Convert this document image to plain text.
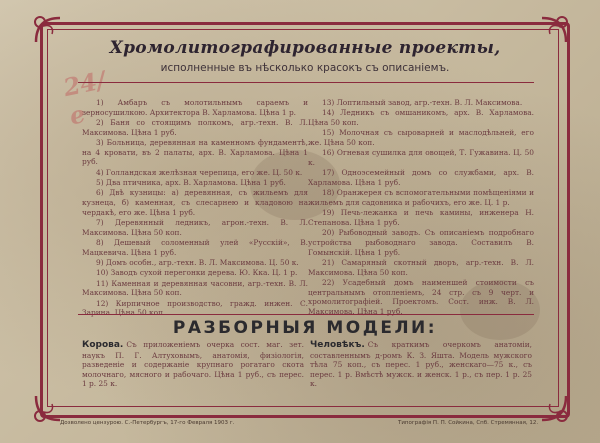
24/е
Хромолитографированные проекты,
исполненные въ нѣсколько красокъ съ описанiемъ.
1) Амбаръ съ молотильнымъ сараемъ и зерносушилкою. Архитектора В. Харламова. Цѣна 1 р.
2) Баня со стоящимъ полкомъ, агр.-техн. В. Л. Максимова. Цѣна 1 руб.
3) Больница, деревянная на каменномъ фундаментѣ, на 4 кровати, въ 2 палаты, арх. В. Харламова. Цѣна 1 руб.
4) Голландская желѣзная черепица, его же. Ц. 50 к.
5) Два птичника, арх. В. Харламова. Цѣна 1 руб.
6) Двѣ кузницы: а) деревянная, съ жильемъ для кузнеца, б) каменная, съ слесарнею и кладовою на чердакѣ, его же. Цѣна 1 руб.
7) Деревянный ледникъ, агрон.-техн. В. Л. Максимова. Цѣна 50 коп.
8) Дешевый соломенный улей «Русскiй», В. Мацкевича. Цѣна 1 руб.
9) Домъ особн., агр.-техн. В. Л. Максимова. Ц. 50 к.
10) Заводъ сухой перегонки дерева. Ю. Кка. Ц. 1 р.
11) Каменная и деревянная часовни, агр.-техн. В. Л. Максимова. Цѣна 50 коп.
12) Кирпичное производство, гражд. инжен. С. Зарина. Цѣна 50 коп.
13) Лоптильный завод, агр.-техн. В. Л. Максимова.
14) Ледникъ съ омшаникомъ, арх. В. Харламова. Цѣна 50 коп.
15) Молочная съ сыроварней и маслодѣльней, его же. Цѣна 50 коп.
16) Огневая сушилка для овощей, Т. Гужавина. Ц. 50 к.
17) Одноэсемейный домъ со службами, арх. В. Харламова. Цѣна 1 руб.
18) Оранжерея съ вспомогательными помѣщенiями и жильемъ для садовника и рабочихъ, его же. Ц. 1 р.
19) Печь-лежанка и печь камины, инженера Н. Степанова. Цѣна 1 руб.
20) Рыбоводный заводъ. Съ описанiемъ подробнаго устройства рыбоводнаго завода. Составилъ В. Гомынскiй. Цѣна 1 руб.
21) Самаряный скотный дворъ, агр.-техн. В. Л. Максимова. Цѣна 50 коп.
22) Усадебный домъ наименшей стоимости съ центральнымъ отопленiемъ, 24 стр. съ 9 черт. и хромолитографiей. Проектомъ. Сост. инж. В. Л. Максимова. Цѣна 1 руб.
РАЗБОРНЫЯ МОДЕЛИ:
Корова. Съ приложенiемъ очерка сост. маг. зет. наукъ П. Г. Алтуховымъ, анатомiя, физiологiя, разведенiе и содержанiе крупнаго рогатаго скота молочнаго, мясного и рабочаго. Цѣна 1 руб., съ перес. 1 р. 25 к.
Человѣкъ. Съ краткимъ очеркомъ анатомiи, составленнымъ д-ромъ К. З. Яшта. Модель мужского тѣла 75 коп., съ перес. 1 руб., женскаго—75 к., съ перес. 1 р. Вмѣстѣ мужск. и женск. 1 р., съ пер. 1 р. 25 к.
Дозволено цензурою. С.-Петербургъ, 17-го Февраля 1903 г.	Типографiя П. П. Сойкина, Спб. Стремянная, 12.
